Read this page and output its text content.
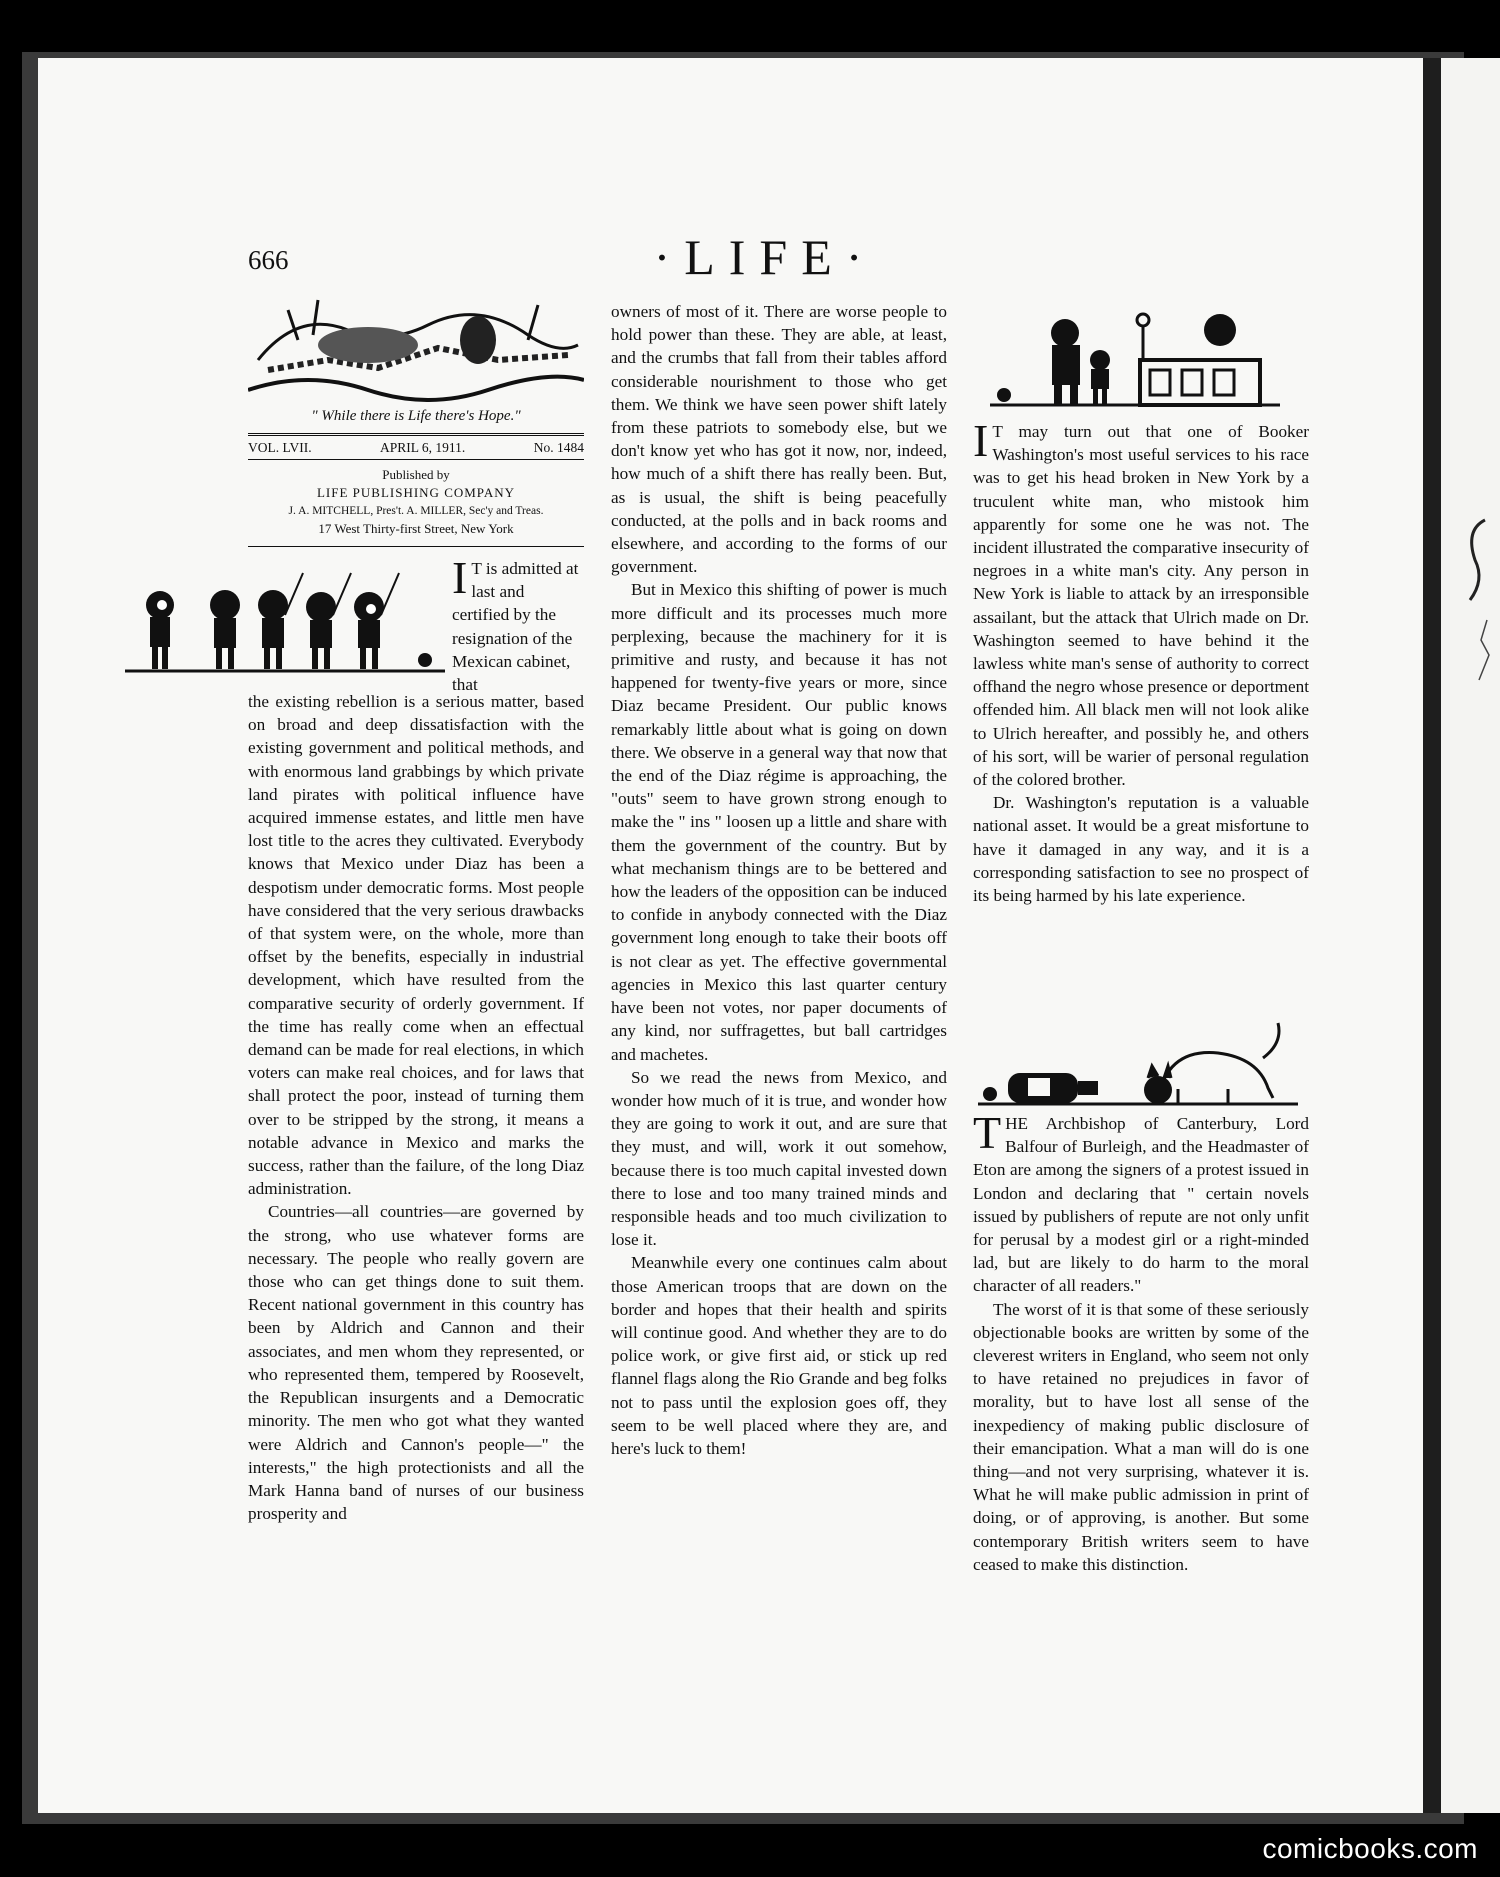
666	·LIFE·
" While there is Life there's Hope."
VOL. LVII.	APRIL 6, 1911.	No. 1484
Published by
LIFE PUBLISHING COMPANY
J. A. MITCHELL, Pres't. A. MILLER, Sec'y and Treas.
17 West Thirty-first Street, New York
I T is admitted at last and certified by the resignation of the Mexican cabinet, that

the existing rebellion is a serious matter, based on broad and deep dissatisfaction with the existing government and political methods, and with enormous land grabbings by which private land pirates with political influence have acquired immense estates, and little men have lost title to the acres they cultivated. Everybody knows that Mexico under Diaz has been a despotism under democratic forms. Most people have considered that the very serious drawbacks of that system were, on the whole, more than offset by the benefits, especially in industrial development, which have resulted from the comparative security of orderly government. If the time has really come when an effectual demand can be made for real elections, in which voters can make real choices, and for laws that shall protect the poor, instead of turning them over to be stripped by the strong, it means a notable advance in Mexico and marks the success, rather than the failure, of the long Diaz administration.

Countries—all countries—are governed by the strong, who use whatever forms are necessary. The people who really govern are those who can get things done to suit them. Recent national government in this country has been by Aldrich and Cannon and their associates, and men whom they represented, or who represented them, tempered by Roosevelt, the Republican insurgents and a Democratic minority. The men who got what they wanted were Aldrich and Cannon's people—" the interests," the high protectionists and all the Mark Hanna band of nurses of our business prosperity and

owners of most of it. There are worse people to hold power than these. They are able, at least, and the crumbs that fall from their tables afford considerable nourishment to those who get them. We think we have seen power shift lately from these patriots to somebody else, but we don't know yet who has got it now, nor, indeed, how much of a shift there has really been. But, as is usual, the shift is being peacefully conducted, at the polls and in back rooms and elsewhere, and according to the forms of our government.

But in Mexico this shifting of power is much more difficult and its processes much more perplexing, because the machinery for it is primitive and rusty, and because it has not happened for twenty-five years or more, since Diaz became President. Our public knows remarkably little about what is going on down there. We observe in a general way that now that the end of the Diaz régime is approaching, the "outs" seem to have grown strong enough to make the " ins " loosen up a little and share with them the government of the country. But by what mechanism things are to be bettered and how the leaders of the opposition can be induced to confide in anybody connected with the Diaz government long enough to take their boots off is not clear as yet. The effective governmental agencies in Mexico this last quarter century have been not votes, nor paper documents of any kind, nor suffragettes, but ball cartridges and machetes.

So we read the news from Mexico, and wonder how much of it is true, and wonder how they are going to work it out, and are sure that they must, and will, work it out somehow, because there is too much capital invested down there to lose and too many trained minds and responsible heads and too much civilization to lose it.

Meanwhile every one continues calm about those American troops that are down on the border and hopes that their health and spirits will continue good. And whether they are to do police work, or give first aid, or stick up red flannel flags along the Rio Grande and beg folks not to pass until the explosion goes off, they seem to be well placed where they are, and here's luck to them!

I T may turn out that one of Booker Washington's most useful services to his race was to get his head broken in New York by a truculent white man, who mistook him apparently for some one he was not. The incident illustrated the comparative insecurity of negroes in a white man's city. Any person in New York is liable to attack by an irresponsible assailant, but the attack that Ulrich made on Dr. Washington seemed to have behind it the lawless white man's sense of authority to correct offhand the negro whose presence or deportment offended him. All black men will not look alike to Ulrich hereafter, and possibly he, and others of his sort, will be warier of personal regulation of the colored brother.

Dr. Washington's reputation is a valuable national asset. It would be a great misfortune to have it damaged in any way, and it is a corresponding satisfaction to see no prospect of its being harmed by his late experience.

THE Archbishop of Canterbury, Lord Balfour of Burleigh, and the Headmaster of Eton are among the signers of a protest issued in London and declaring that " certain novels issued by publishers of repute are not only unfit for perusal by a modest girl or a right-minded lad, but are likely to do harm to the moral character of all readers."

The worst of it is that some of these seriously objectionable books are written by some of the cleverest writers in England, who seem not only to have retained no prejudices in favor of morality, but to have lost all sense of the inexpediency of making public disclosure of their emancipation. What a man will do is one thing—and not very surprising, whatever it is. What he will make public admission in print of doing, or of approving, is another. But some contemporary British writers seem to have ceased to make this distinction.

comicbooks.com
